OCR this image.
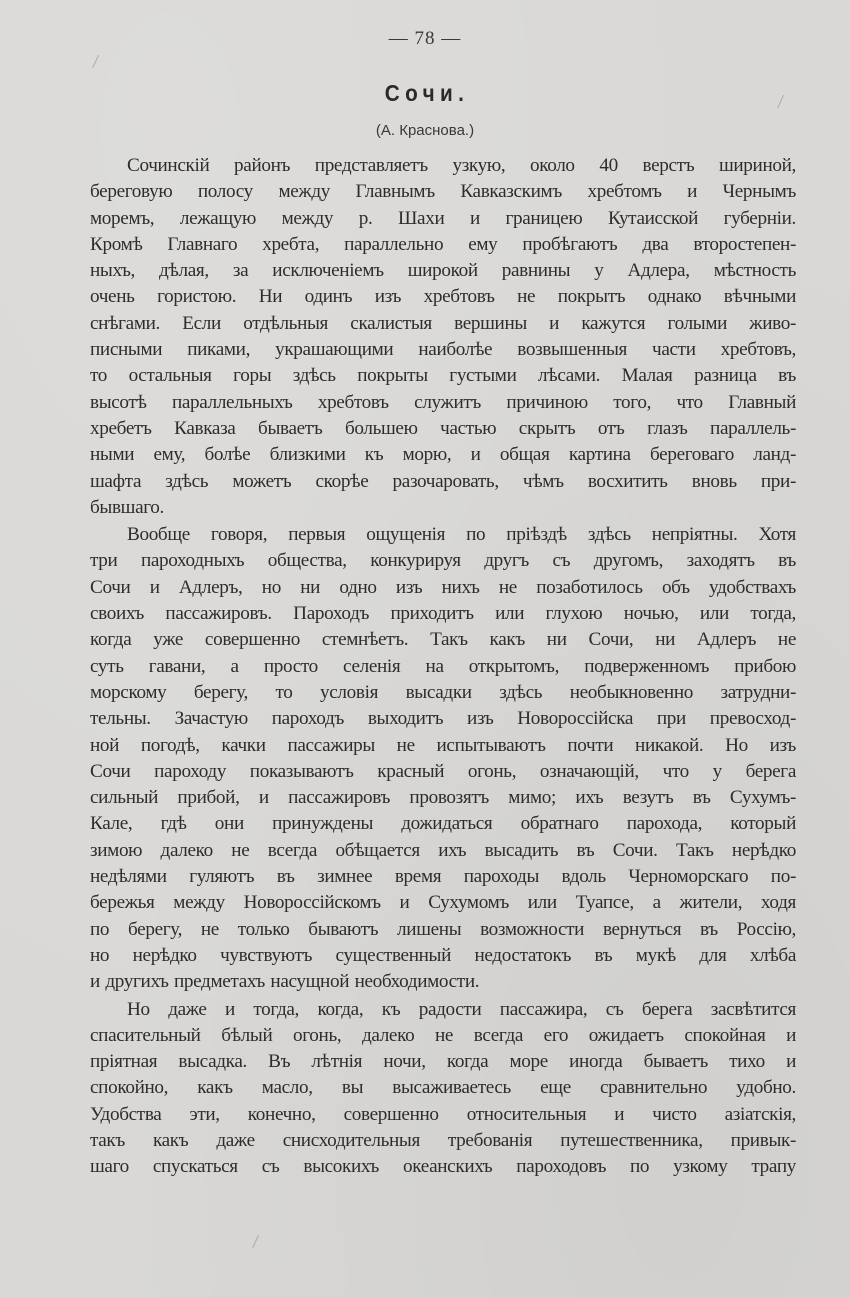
— 78 —
Сочи.
(А. Краснова.)
Сочинскій районъ представляетъ узкую, около 40 верстъ шириной,
береговую полосу между Главнымъ Кавказскимъ хребтомъ и Чернымъ
моремъ, лежащую между р. Шахи и границею Кутаисской губерніи.
Кромѣ Главнаго хребта, параллельно ему пробѣгаютъ два второстепен-
ныхъ, дѣлая, за исключеніемъ широкой равнины у Адлера, мѣстность
очень гористою. Ни одинъ изъ хребтовъ не покрытъ однако вѣчными
снѣгами. Если отдѣльныя скалистыя вершины и кажутся голыми живо-
писными пиками, украшающими наиболѣе возвышенныя части хребтовъ,
то остальныя горы здѣсь покрыты густыми лѣсами. Малая разница въ
высотѣ параллельныхъ хребтовъ служитъ причиною того, что Главный
хребетъ Кавказа бываетъ большею частью скрытъ отъ глазъ параллель-
ными ему, болѣе близкими къ морю, и общая картина береговаго ланд-
шафта здѣсь можетъ скорѣе разочаровать, чѣмъ восхитить вновь при-
бывшаго.
Вообще говоря, первыя ощущенія по пріѣздѣ здѣсь непріятны. Хотя
три пароходныхъ общества, конкурируя другъ съ другомъ, заходятъ въ
Сочи и Адлеръ, но ни одно изъ нихъ не позаботилось объ удобствахъ
своихъ пассажировъ. Пароходъ приходитъ или глухою ночью, или тогда,
когда уже совершенно стемнѣетъ. Такъ какъ ни Сочи, ни Адлеръ не
суть гавани, а просто селенія на открытомъ, подверженномъ прибою
морскому берегу, то условія высадки здѣсь необыкновенно затрудни-
тельны. Зачастую пароходъ выходитъ изъ Новороссійска при превосход-
ной погодѣ, качки пассажиры не испытываютъ почти никакой. Но изъ
Сочи пароходу показываютъ красный огонь, означающій, что у берега
сильный прибой, и пассажировъ провозятъ мимо; ихъ везутъ въ Сухумъ-
Кале, гдѣ они принуждены дожидаться обратнаго парохода, который
зимою далеко не всегда обѣщается ихъ высадить въ Сочи. Такъ нерѣдко
недѣлями гуляютъ въ зимнее время пароходы вдоль Черноморскаго по-
бережья между Новороссійскомъ и Сухумомъ или Туапсе, а жители, ходя
по берегу, не только бываютъ лишены возможности вернуться въ Россію,
но нерѣдко чувствуютъ существенный недостатокъ въ мукѣ для хлѣба
и другихъ предметахъ насущной необходимости.
Но даже и тогда, когда, къ радости пассажира, съ берега засвѣтится
спасительный бѣлый огонь, далеко не всегда его ожидаетъ спокойная и
пріятная высадка. Въ лѣтнія ночи, когда море иногда бываетъ тихо и
спокойно, какъ масло, вы высаживаетесь еще сравнительно удобно.
Удобства эти, конечно, совершенно относительныя и чисто азіатскія,
такъ какъ даже снисходительныя требованія путешественника, привык-
шаго спускаться съ высокихъ океанскихъ пароходовъ по узкому трапу
